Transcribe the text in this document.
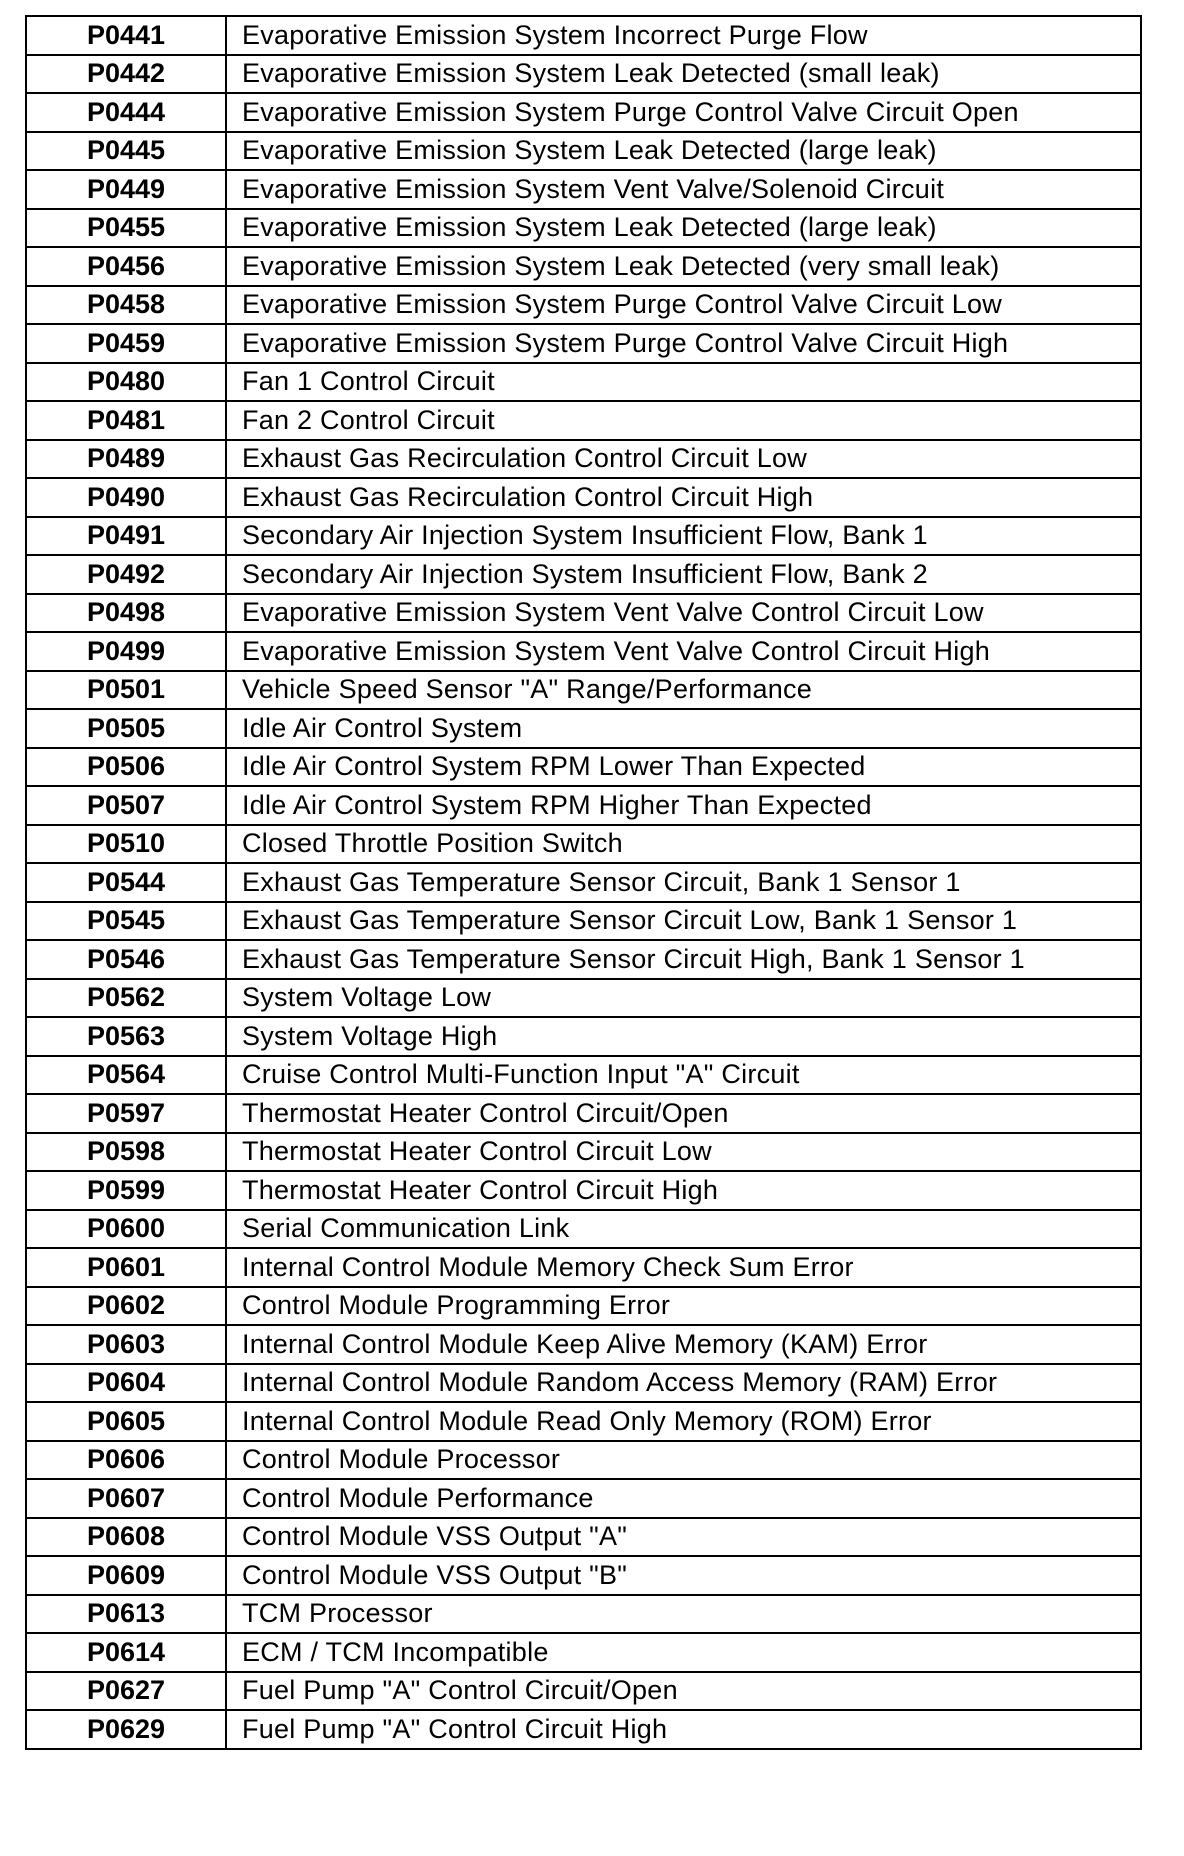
P0441	Evaporative Emission System Incorrect Purge Flow
P0442	Evaporative Emission System Leak Detected (small leak)
P0444	Evaporative Emission System Purge Control Valve Circuit Open
P0445	Evaporative Emission System Leak Detected (large leak)
P0449	Evaporative Emission System Vent Valve/Solenoid Circuit
P0455	Evaporative Emission System Leak Detected (large leak)
P0456	Evaporative Emission System Leak Detected (very small leak)
P0458	Evaporative Emission System Purge Control Valve Circuit Low
P0459	Evaporative Emission System Purge Control Valve Circuit High
P0480	Fan 1 Control Circuit
P0481	Fan 2 Control Circuit
P0489	Exhaust Gas Recirculation Control Circuit Low
P0490	Exhaust Gas Recirculation Control Circuit High
P0491	Secondary Air Injection System Insufficient Flow, Bank 1
P0492	Secondary Air Injection System Insufficient Flow, Bank 2
P0498	Evaporative Emission System Vent Valve Control Circuit Low
P0499	Evaporative Emission System Vent Valve Control Circuit High
P0501	Vehicle Speed Sensor "A" Range/Performance
P0505	Idle Air Control System
P0506	Idle Air Control System RPM Lower Than Expected
P0507	Idle Air Control System RPM Higher Than Expected
P0510	Closed Throttle Position Switch
P0544	Exhaust Gas Temperature Sensor Circuit, Bank 1 Sensor 1
P0545	Exhaust Gas Temperature Sensor Circuit Low, Bank 1 Sensor 1
P0546	Exhaust Gas Temperature Sensor Circuit High, Bank 1 Sensor 1
P0562	System Voltage Low
P0563	System Voltage High
P0564	Cruise Control Multi-Function Input "A" Circuit
P0597	Thermostat Heater Control Circuit/Open
P0598	Thermostat Heater Control Circuit Low
P0599	Thermostat Heater Control Circuit High
P0600	Serial Communication Link
P0601	Internal Control Module Memory Check Sum Error
P0602	Control Module Programming Error
P0603	Internal Control Module Keep Alive Memory (KAM) Error
P0604	Internal Control Module Random Access Memory (RAM) Error
P0605	Internal Control Module Read Only Memory (ROM) Error
P0606	Control Module Processor
P0607	Control Module Performance
P0608	Control Module VSS Output "A"
P0609	Control Module VSS Output "B"
P0613	TCM Processor
P0614	ECM / TCM Incompatible
P0627	Fuel Pump "A" Control Circuit/Open
P0629	Fuel Pump "A" Control Circuit High
